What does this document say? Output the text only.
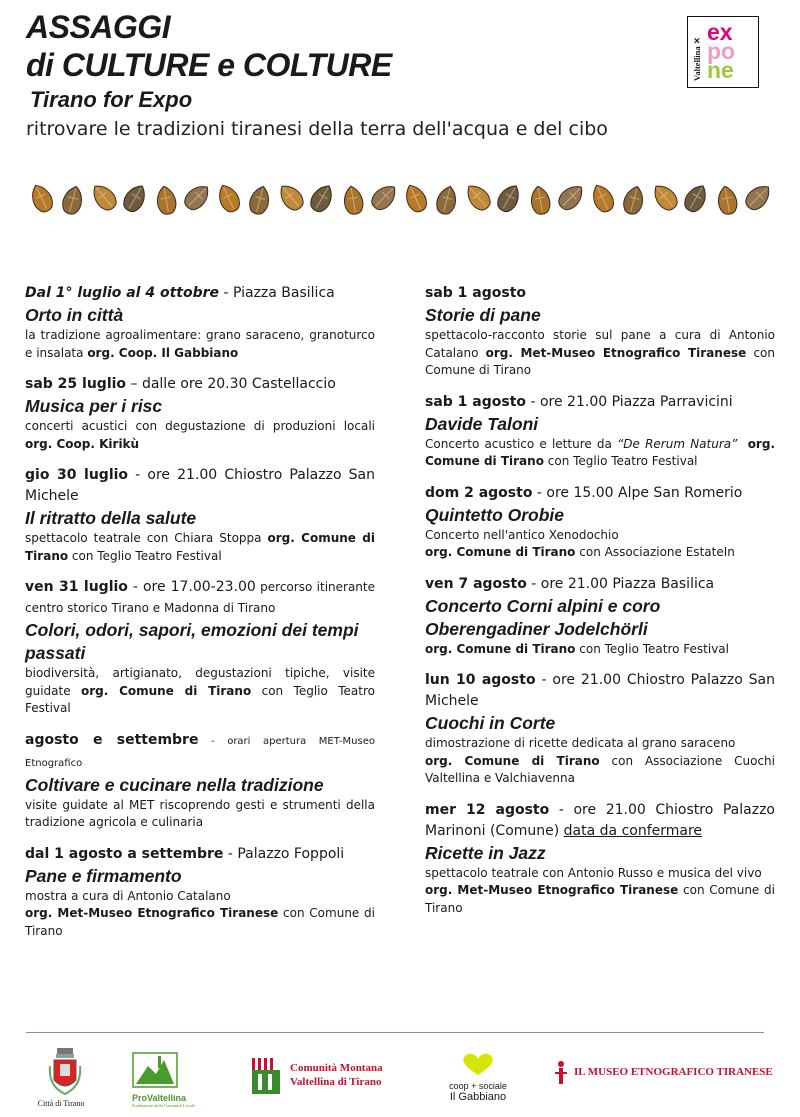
ASSAGGI
di CULTURE e COLTURE
Tirano for Expo
ritrovare le tradizioni tiranesi della terra dell'acqua e del cibo
Valtellina ✕
ex
po
ne
Dal 1° luglio al 4 ottobre - Piazza Basilica
Orto in città
la tradizione agroalimentare: grano saraceno, granoturco e insalata org. Coop. Il Gabbiano
sab 25 luglio – dalle ore 20.30 Castellaccio
Musica per i risc
concerti acustici con degustazione di produzioni locali org. Coop. Kirikù
gio 30 luglio - ore 21.00 Chiostro Palazzo San Michele
Il ritratto della salute
spettacolo teatrale con Chiara Stoppa org. Comune di Tirano con Teglio Teatro Festival
ven 31 luglio - ore 17.00-23.00 percorso itinerante centro storico Tirano e Madonna di Tirano
Colori, odori, sapori, emozioni dei tempi passati
biodiversità, artigianato, degustazioni tipiche, visite guidate org. Comune di Tirano con Teglio Teatro Festival
agosto e settembre - orari apertura MET-Museo Etnografico
Coltivare e cucinare nella tradizione
visite guidate al MET riscoprendo gesti e strumenti della tradizione agricola e culinaria
dal 1 agosto a settembre - Palazzo Foppoli
Pane e firmamento
mostra a cura di Antonio Catalano
org. Met-Museo Etnografico Tiranese con Comune di Tirano
sab 1 agosto
Storie di pane
spettacolo-racconto storie sul pane a cura di Antonio Catalano org. Met-Museo Etnografico Tiranese con Comune di Tirano
sab 1 agosto - ore 21.00 Piazza Parravicini
Davide Taloni
Concerto acustico e letture da “De Rerum Natura” org. Comune di Tirano con Teglio Teatro Festival
dom 2 agosto - ore 15.00 Alpe San Romerio
Quintetto Orobie
Concerto nell'antico Xenodochio
org. Comune di Tirano con Associazione EstateIn
ven 7 agosto - ore 21.00 Piazza Basilica
Concerto Corni alpini e coro
Oberengadiner Jodelchörli
org. Comune di Tirano con Teglio Teatro Festival
lun 10 agosto - ore 21.00 Chiostro Palazzo San Michele
Cuochi in Corte
dimostrazione di ricette dedicata al grano saraceno
org. Comune di Tirano con Associazione Cuochi Valtellina e Valchiavenna
mer 12 agosto - ore 21.00 Chiostro Palazzo Marinoni (Comune) data da confermare
Ricette in Jazz
spettacolo teatrale con Antonio Russo e musica del vivo
org. Met-Museo Etnografico Tiranese con Comune di Tirano
Città di Tirano
ProValtellina
Fondazione della Comunità Locale
Comunità Montana
Valtellina di Tirano	coop + sociale
Il Gabbiano
IL MUSEO ETNOGRAFICO TIRANESE
